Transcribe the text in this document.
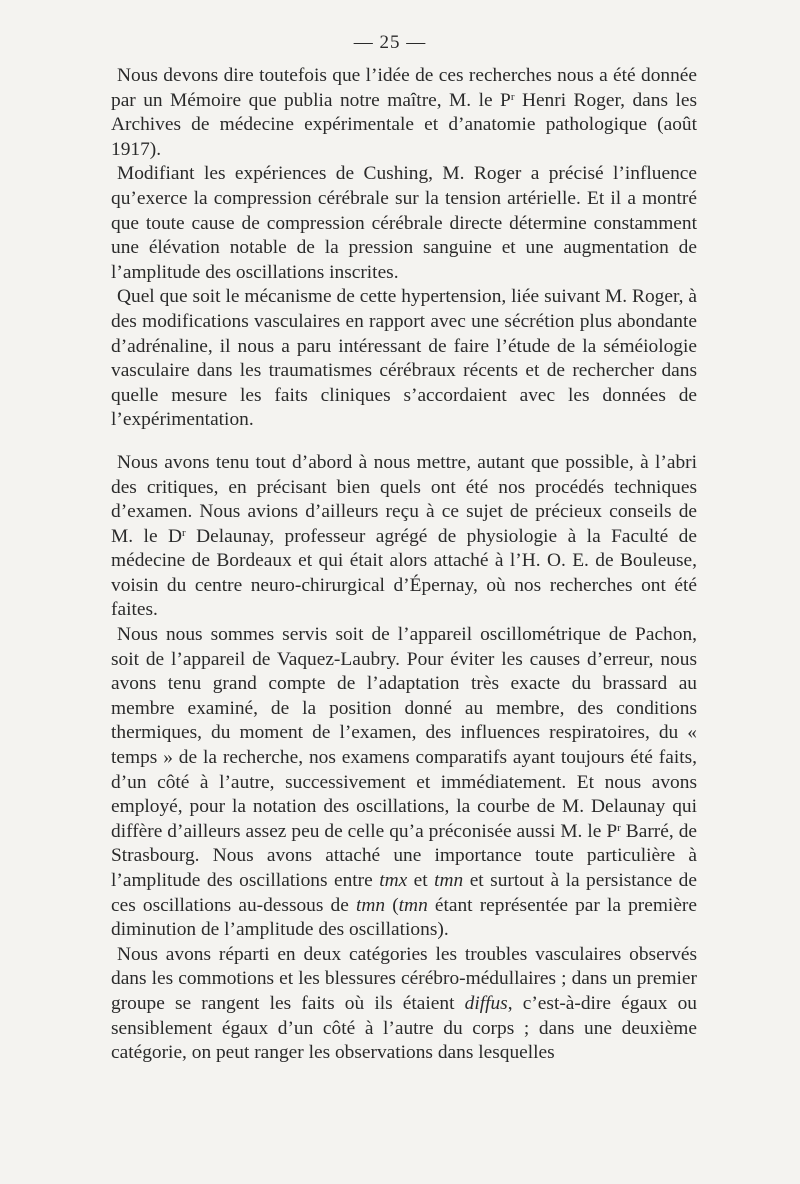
— 25 —

Nous devons dire toutefois que l’idée de ces recherches nous a été donnée par un Mémoire que publia notre maître, M. le $P^r$ Henri Roger, dans les Archives de médecine expérimentale et d’anatomie pathologique (août 1917).

Modifiant les expériences de Cushing, M. Roger a précisé l’influence qu’exerce la compression cérébrale sur la tension artérielle. Et il a montré que toute cause de compression cérébrale directe détermine constamment une élévation notable de la pression sanguine et une augmentation de l’amplitude des oscillations inscrites.

Quel que soit le mécanisme de cette hypertension, liée suivant M. Roger, à des modifications vasculaires en rapport avec une sécrétion plus abondante d’adrénaline, il nous a paru intéressant de faire l’étude de la séméiologie vasculaire dans les traumatismes cérébraux récents et de rechercher dans quelle mesure les faits cliniques s’accordaient avec les données de l’expérimentation.

Nous avons tenu tout d’abord à nous mettre, autant que possible, à l’abri des critiques, en précisant bien quels ont été nos procédés techniques d’examen. Nous avions d’ailleurs reçu à ce sujet de précieux conseils de M. le $D^r$ Delaunay, professeur agrégé de physiologie à la Faculté de médecine de Bordeaux et qui était alors attaché à l’H. O. E. de Bouleuse, voisin du centre neuro-chirurgical d’Épernay, où nos recherches ont été faites.

Nous nous sommes servis soit de l’appareil oscillométrique de Pachon, soit de l’appareil de Vaquez-Laubry. Pour éviter les causes d’erreur, nous avons tenu grand compte de l’adaptation très exacte du brassard au membre examiné, de la position donné au membre, des conditions thermiques, du moment de l’examen, des influences respiratoires, du « temps » de la recherche, nos examens comparatifs ayant toujours été faits, d’un côté à l’autre, successivement et immédiatement. Et nous avons employé, pour la notation des oscillations, la courbe de M. Delaunay qui diffère d’ailleurs assez peu de celle qu’a préconisée aussi M. le $P^r$ Barré, de Strasbourg. Nous avons attaché une importance toute particulière à l’amplitude des oscillations entre tmx et tmn et surtout à la persistance de ces oscillations au-dessous de tmn (tmn étant représentée par la première diminution de l’amplitude des oscillations).

Nous avons réparti en deux catégories les troubles vasculaires observés dans les commotions et les blessures cérébro-médullaires ; dans un premier groupe se rangent les faits où ils étaient diffus, c’est-à-dire égaux ou sensiblement égaux d’un côté à l’autre du corps ; dans une deuxième catégorie, on peut ranger les observations dans lesquelles
